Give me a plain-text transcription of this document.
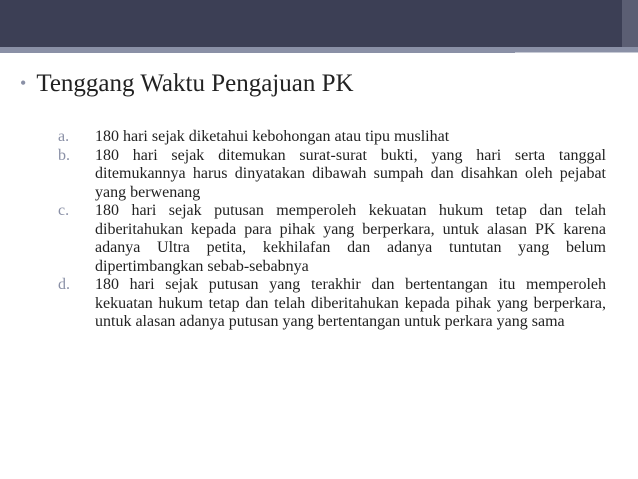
7/17/2013
• Tenggang Waktu Pengajuan PK
a.	180 hari sejak diketahui kebohongan atau tipu muslihat
b.	180 hari sejak ditemukan surat-surat bukti, yang hari serta tanggal ditemukannya harus dinyatakan dibawah sumpah dan disahkan oleh pejabat yang berwenang
c.	180 hari sejak putusan memperoleh kekuatan hukum tetap dan telah diberitahukan kepada para pihak yang berperkara, untuk alasan PK karena adanya Ultra petita, kekhilafan dan adanya tuntutan yang belum dipertimbangkan sebab-sebabnya
d.	180 hari sejak putusan yang terakhir dan bertentangan itu memperoleh kekuatan hukum tetap dan telah diberitahukan kepada pihak yang berperkara, untuk alasan adanya putusan yang bertentangan untuk perkara yang sama
